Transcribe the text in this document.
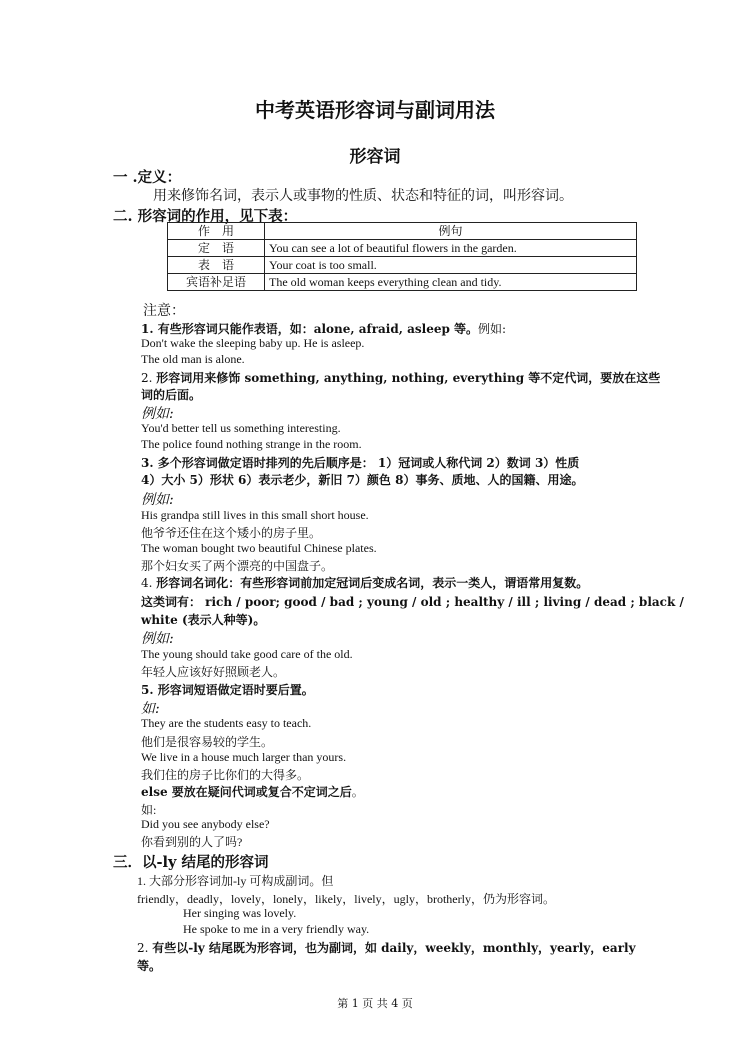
中考英语形容词与副词用法
形容词
一 .定义：
用来修饰名词，表示人或事物的性质、状态和特征的词，叫形容词。
二. 形容词的作用，见下表：
作　用	例句
定　语	You can see a lot of beautiful flowers in the garden.
表　语	Your coat is too small.
宾语补足语	The old woman keeps everything clean and tidy.
注意：
1. 有些形容词只能作表语，如：alone, afraid, asleep 等。例如:
Don't wake the sleeping baby up. He is asleep.
The old man is alone.
2. 形容词用来修饰 something, anything, nothing, everything 等不定代词，要放在这些
词的后面。
例如:
You'd better tell us something interesting.
The police found nothing strange in the room.
3. 多个形容词做定语时排列的先后顺序是： 1）冠词或人称代词 2）数词 3）性质
4）大小 5）形状 6）表示老少，新旧 7）颜色 8）事务、质地、人的国籍、用途。
例如:
His grandpa still lives in this small short house.
他爷爷还住在这个矮小的房子里。
The woman bought two beautiful Chinese plates.
那个妇女买了两个漂亮的中国盘子。
4. 形容词名词化：有些形容词前加定冠词后变成名词，表示一类人，谓语常用复数。
这类词有： rich / poor; good / bad ; young / old ; healthy / ill ; living / dead ; black /
white (表示人种等)。
例如:
The young should take good care of the old.
年轻人应该好好照顾老人。
5. 形容词短语做定语时要后置。
如:
They are the students easy to teach.
他们是很容易较的学生。
We live in a house much larger than yours.
我们住的房子比你们的大得多。
else 要放在疑问代词或复合不定词之后。
如:
Did you see anybody else?
你看到别的人了吗?
三．以-ly 结尾的形容词
1. 大部分形容词加-ly 可构成副词。但
friendly，deadly，lovely，lonely，likely，lively，ugly，brotherly，仍为形容词。
Her singing was lovely.
He spoke to me in a very friendly way.
2. 有些以-ly 结尾既为形容词，也为副词，如 daily，weekly，monthly，yearly，early
等。
第 1 页 共 4 页
